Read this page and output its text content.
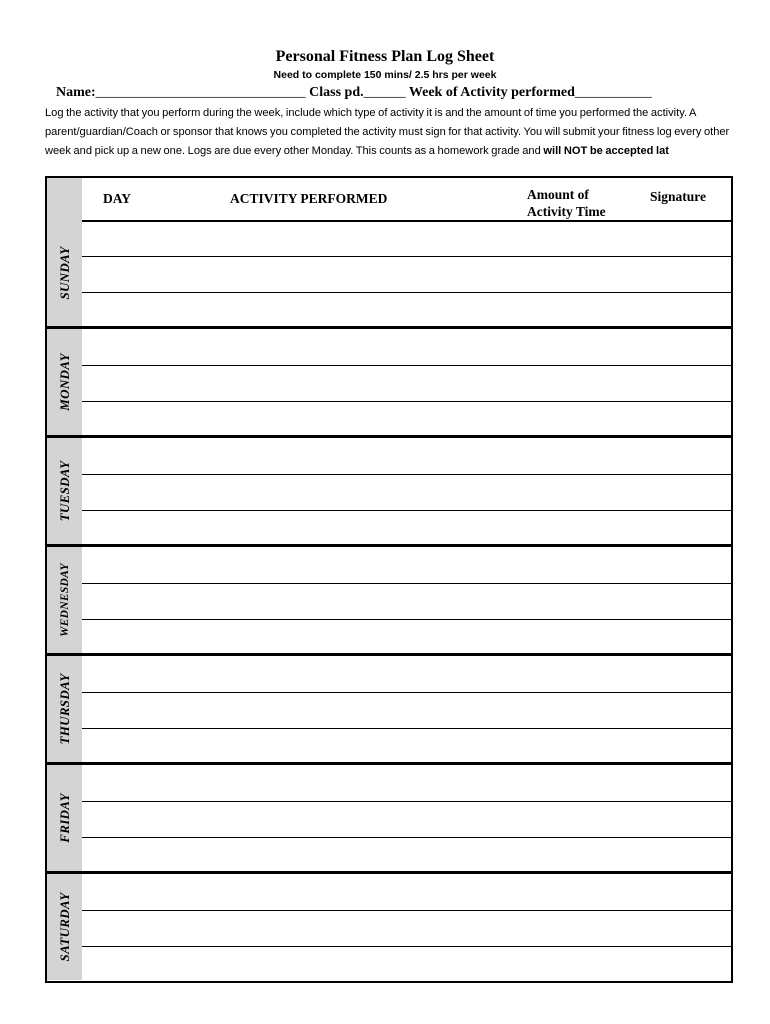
Personal Fitness Plan Log Sheet
Need to complete 150 mins/ 2.5 hrs per week
Name:______________________________ Class pd.______ Week of Activity performed___________
Log the activity that you perform during the week, include which type of activity it is and the amount of time you performed the activity. A parent/guardian/Coach or sponsor that knows you completed the activity must sign for that activity. You will submit your fitness log every other week and pick up a new one. Logs are due every other Monday. This counts as a homework grade and will NOT be accepted lat
DAY	ACTIVITY PERFORMED	Amount of Activity Time
Signature
SUNDAY
MONDAY
TUESDAY
WEDNESDAY
THURSDAY
FRIDAY
SATURDAY
